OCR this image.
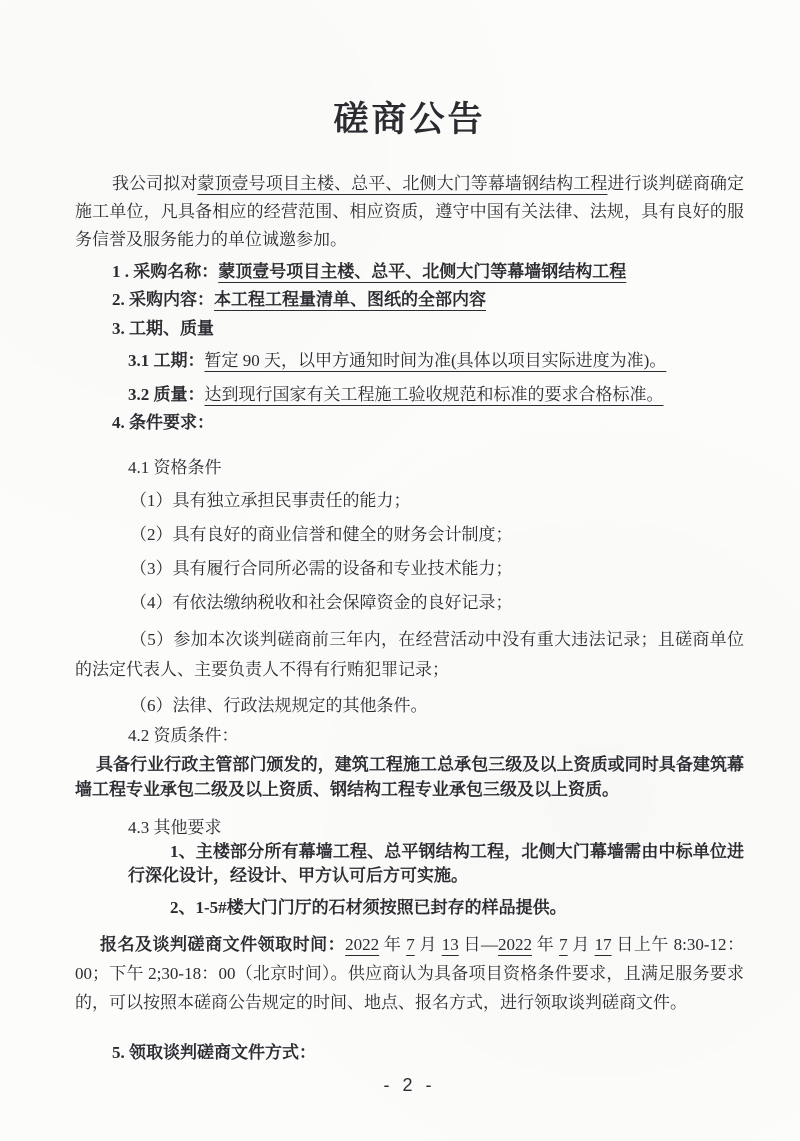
磋商公告

我公司拟对蒙顶壹号项目主楼、总平、北侧大门等幕墙钢结构工程进行谈判磋商确定施工单位，凡具备相应的经营范围、相应资质，遵守中国有关法律、法规，具有良好的服务信誉及服务能力的单位诚邀参加。

1 . 采购名称：蒙顶壹号项目主楼、总平、北侧大门等幕墙钢结构工程

2. 采购内容：本工程工程量清单、图纸的全部内容

3. 工期、质量

3.1 工期：暂定 90 天，以甲方通知时间为准(具体以项目实际进度为准)。

3.2 质量：达到现行国家有关工程施工验收规范和标准的要求合格标准。

4. 条件要求：

4.1 资格条件

（1）具有独立承担民事责任的能力；

（2）具有良好的商业信誉和健全的财务会计制度；

（3）具有履行合同所必需的设备和专业技术能力；

（4）有依法缴纳税收和社会保障资金的良好记录；

（5）参加本次谈判磋商前三年内，在经营活动中没有重大违法记录；且磋商单位的法定代表人、主要负责人不得有行贿犯罪记录；

（6）法律、行政法规规定的其他条件。

4.2 资质条件：

具备行业行政主管部门颁发的，建筑工程施工总承包三级及以上资质或同时具备建筑幕墙工程专业承包二级及以上资质、钢结构工程专业承包三级及以上资质。

4.3 其他要求

1、主楼部分所有幕墙工程、总平钢结构工程，北侧大门幕墙需由中标单位进行深化设计，经设计、甲方认可后方可实施。

2、1-5#楼大门门厅的石材须按照已封存的样品提供。

报名及谈判磋商文件领取时间：2022 年 7 月 13 日—2022 年 7 月 17 日上午 8:30-12：00；下午 2;30-18：00（北京时间）。供应商认为具备项目资格条件要求，且满足服务要求的，可以按照本磋商公告规定的时间、地点、报名方式，进行领取谈判磋商文件。

5. 领取谈判磋商文件方式：

- 2 -
